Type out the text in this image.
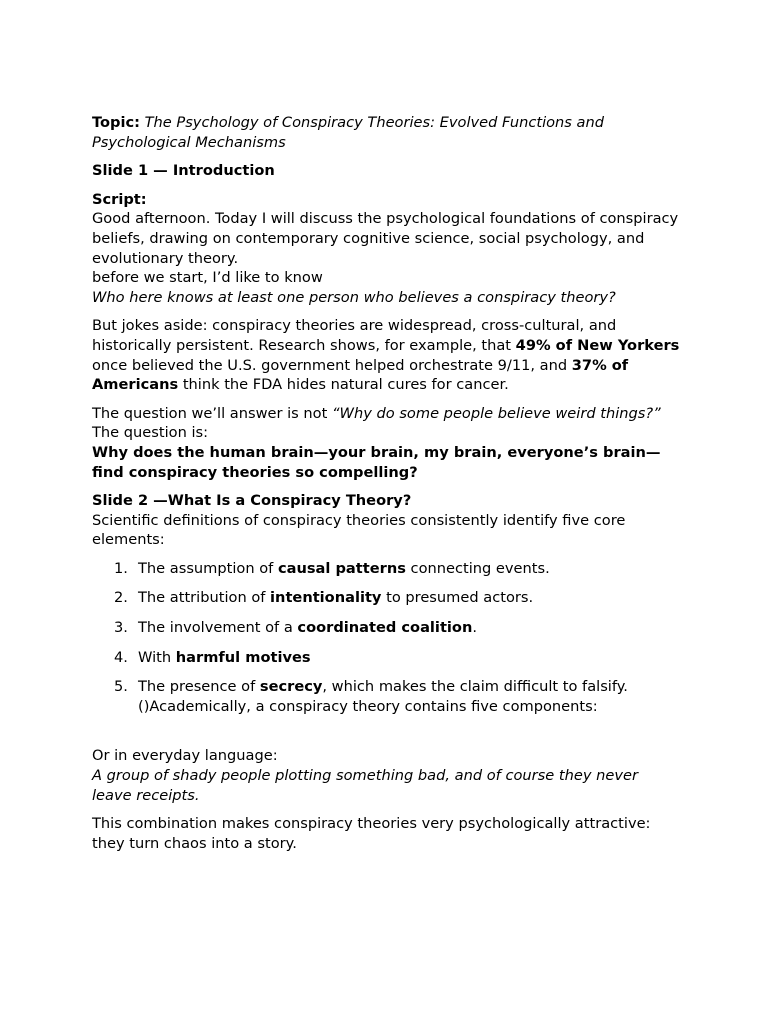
Topic: The Psychology of Conspiracy Theories: Evolved Functions and Psychological Mechanisms

Slide 1 — Introduction

Script:

Good afternoon. Today I will discuss the psychological foundations of conspiracy beliefs, drawing on contemporary cognitive science, social psychology, and evolutionary theory.

before we start, I’d like to know

Who here knows at least one person who believes a conspiracy theory?

But jokes aside: conspiracy theories are widespread, cross-cultural, and historically persistent. Research shows, for example, that 49% of New Yorkers once believed the U.S. government helped orchestrate 9/11, and 37% of Americans think the FDA hides natural cures for cancer.

The question we’ll answer is not “Why do some people believe weird things?”

The question is:

Why does the human brain—your brain, my brain, everyone’s brain—find conspiracy theories so compelling?

Slide 2 —What Is a Conspiracy Theory?

Scientific definitions of conspiracy theories consistently identify five core elements:

1. The assumption of causal patterns connecting events.
2. The attribution of intentionality to presumed actors.
3. The involvement of a coordinated coalition.
4. With harmful motives
5. The presence of secrecy, which makes the claim difficult to falsify. ()Academically, a conspiracy theory contains five components:

Or in everyday language:

A group of shady people plotting something bad, and of course they never leave receipts.

This combination makes conspiracy theories very psychologically attractive: they turn chaos into a story.
